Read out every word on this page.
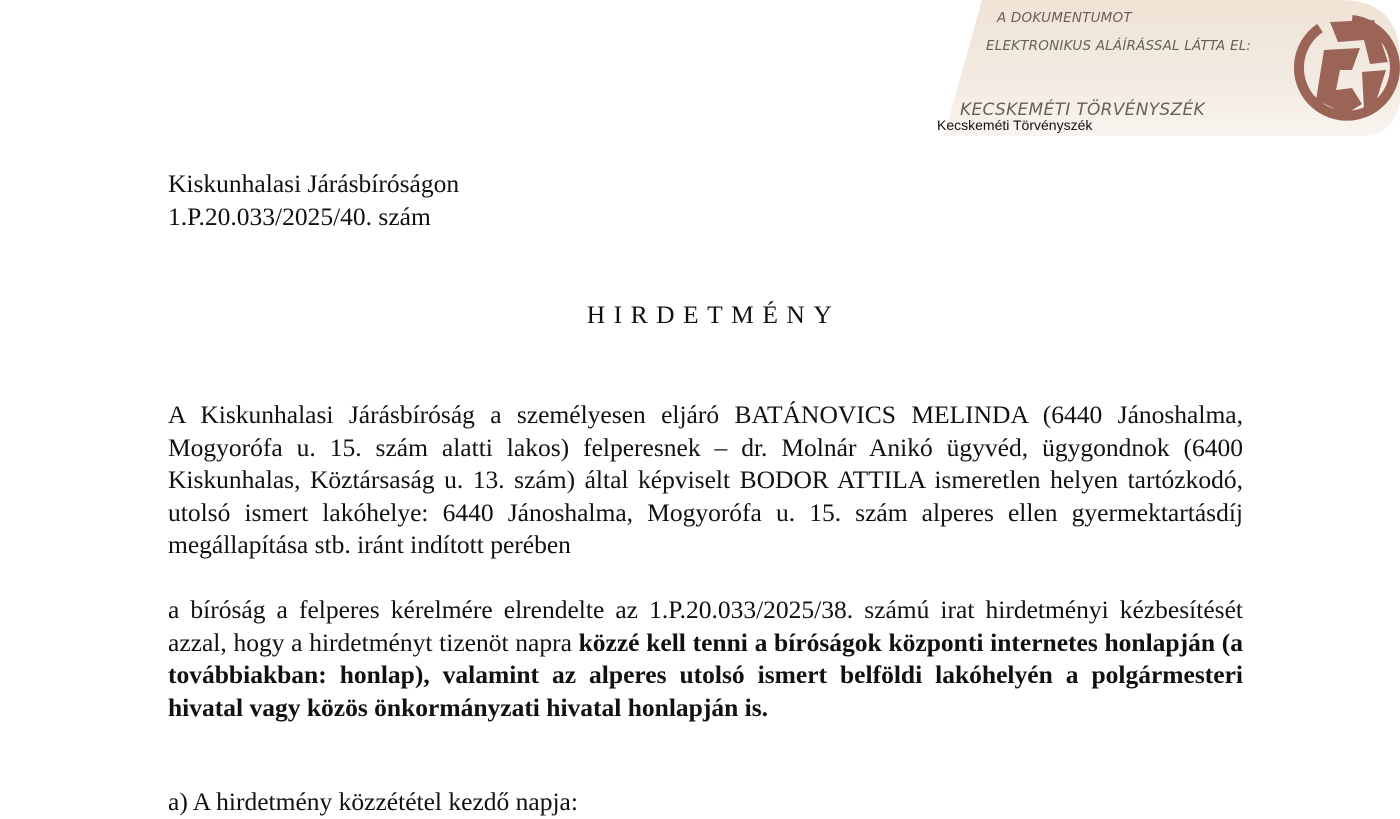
A DOKUMENTUMOT
ELEKTRONIKUS ALÁÍRÁSSAL LÁTTA EL:
KECSKEMÉTI TÖRVÉNYSZÉK
Kecskeméti Törvényszék
Kiskunhalasi Járásbíróságon
1.P.20.033/2025/40. szám
HIRDETMÉNY

A Kiskunhalasi Járásbíróság a személyesen eljáró BATÁNOVICS MELINDA (6440 Jánoshalma, Mogyorófa u. 15. szám alatti lakos) felperesnek – dr. Molnár Anikó ügyvéd, ügygondnok (6400 Kiskunhalas, Köztársaság u. 13. szám) által képviselt BODOR ATTILA ismeretlen helyen tartózkodó, utolsó ismert lakóhelye: 6440 Jánoshalma, Mogyorófa u. 15. szám alperes ellen gyermektartásdíj megállapítása stb. iránt indított perében

a bíróság a felperes kérelmére elrendelte az 1.P.20.033/2025/38. számú irat hirdetményi kézbesítését azzal, hogy a hirdetményt tizenöt napra közzé kell tenni a bíróságok központi internetes honlapján (a továbbiakban: honlap), valamint az alperes utolsó ismert belföldi lakóhelyén a polgármesteri hivatal vagy közös önkormányzati hivatal honlapján is.

a) A hirdetmény közzététel kezdő napja:
